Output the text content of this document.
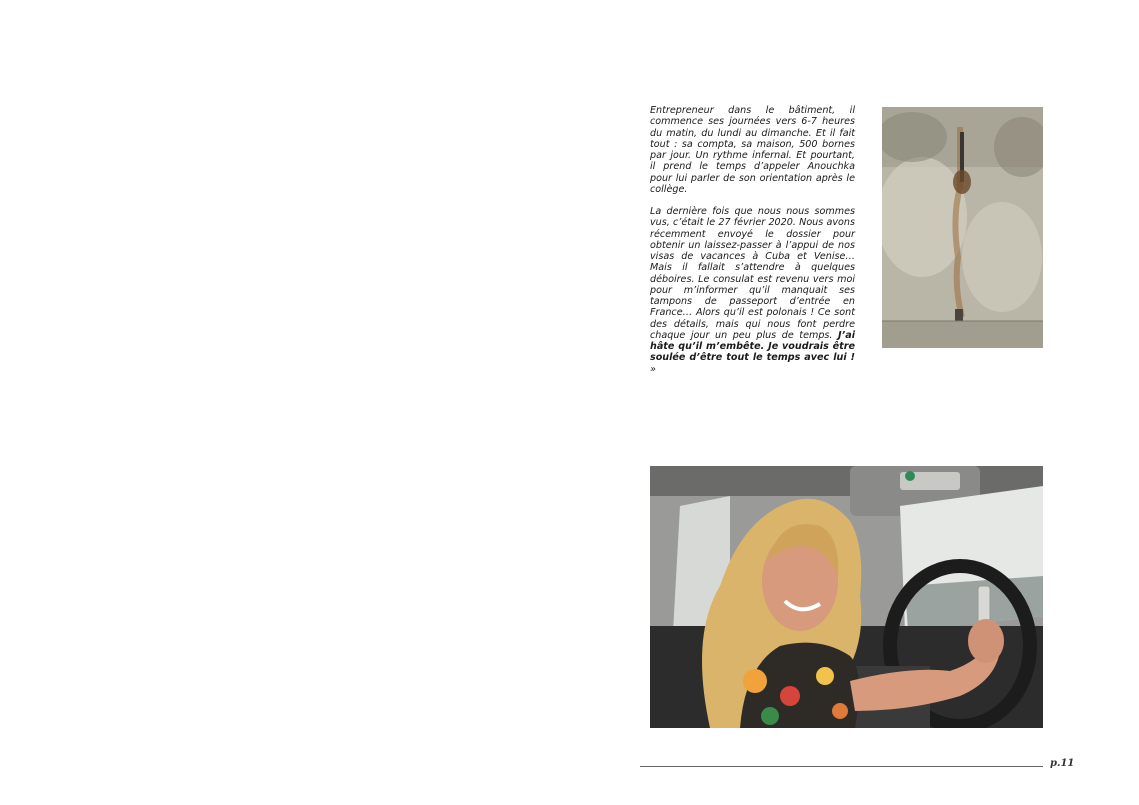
Entrepreneur dans le bâtiment, il commence ses journées vers 6-7 heures du matin, du lundi au dimanche. Et il fait tout : sa compta, sa maison, 500 bornes par jour. Un rythme infernal. Et pourtant, il prend le temps d’appeler Anouchka pour lui parler de son orientation après le collège.

La dernière fois que nous nous sommes vus, c’était le 27 février 2020. Nous avons récemment envoyé le dossier pour obtenir un laissez-passer à l’appui de nos visas de vacances à Cuba et Venise… Mais il fallait s’attendre à quelques déboires. Le consulat est revenu vers moi pour m’informer qu’il manquait ses tampons de passeport d’entrée en France… Alors qu’il est polonais ! Ce sont des détails, mais qui nous font perdre chaque jour un peu plus de temps. J’ai hâte qu’il m’embête. Je voudrais être soulée d’être tout le temps avec lui ! »

p.11
